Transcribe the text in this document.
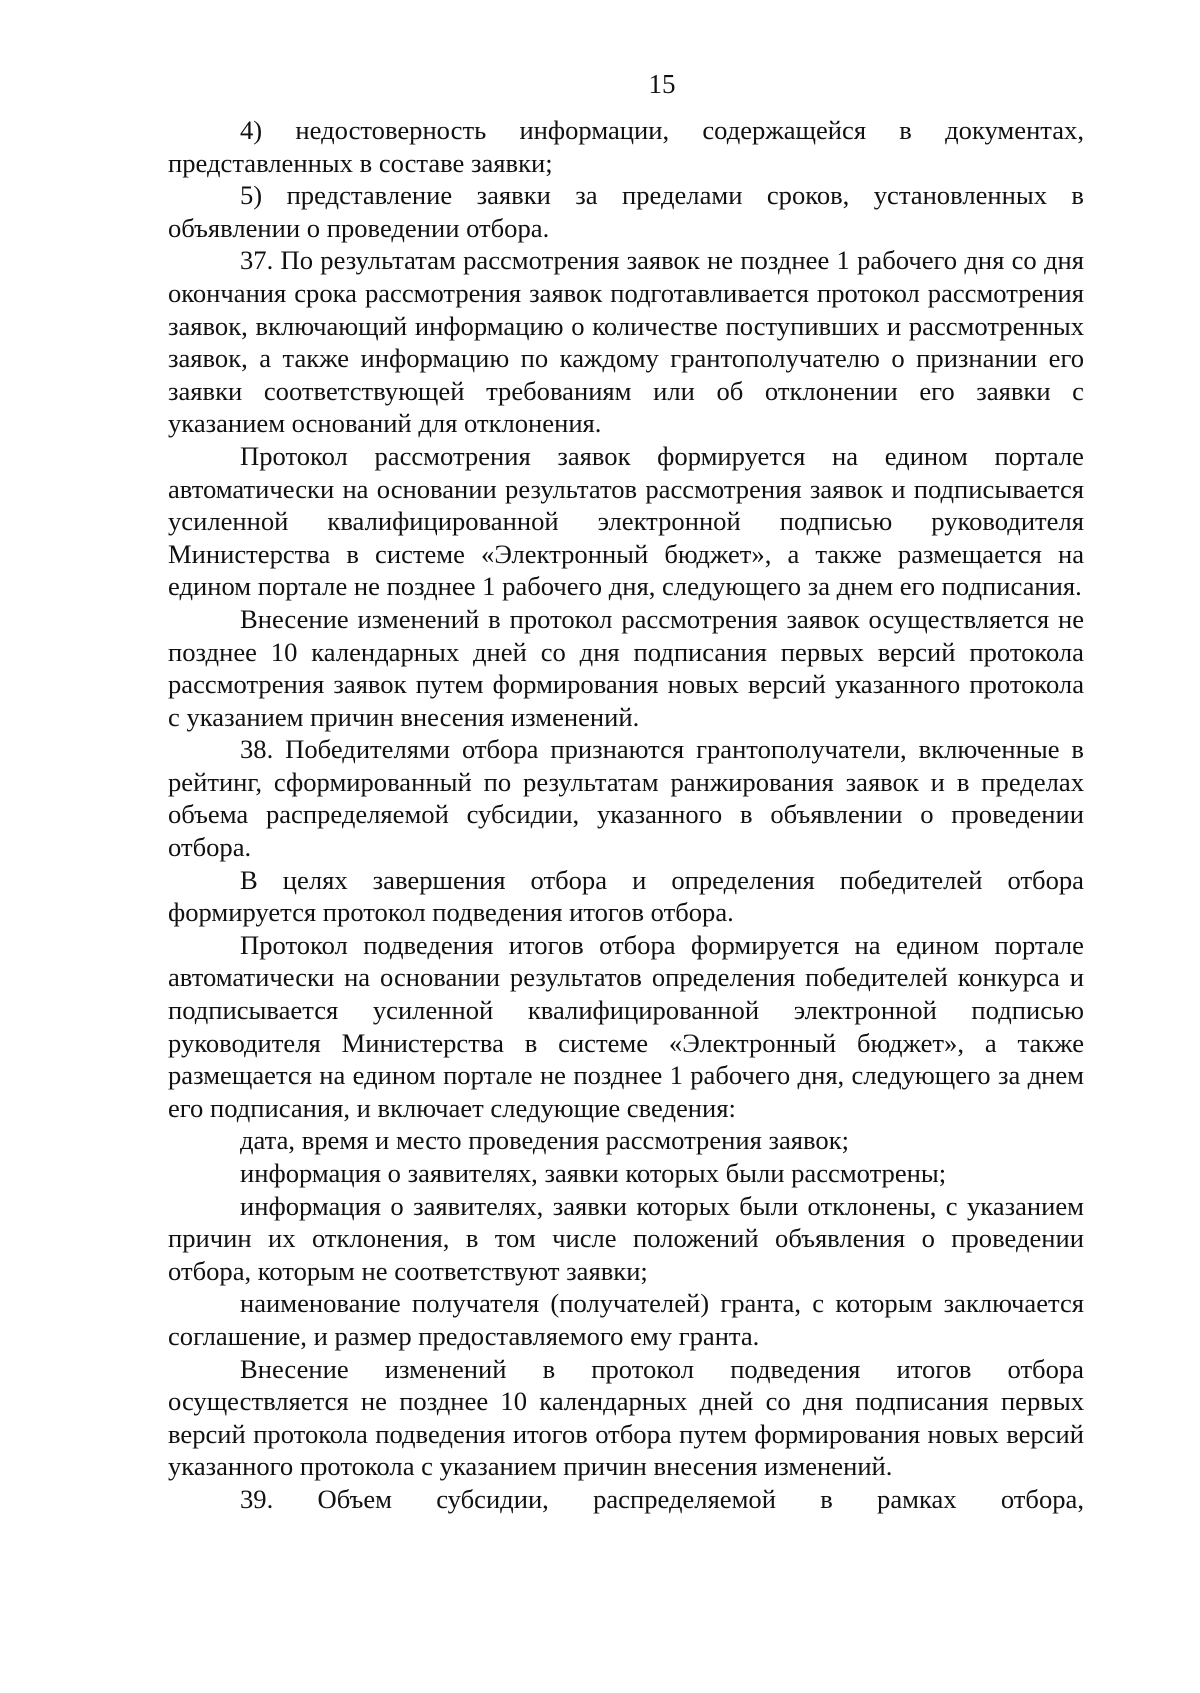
15

4) недостоверность информации, содержащейся в документах, представленных в составе заявки;

5) представление заявки за пределами сроков, установленных в объявлении о проведении отбора.

37. По результатам рассмотрения заявок не позднее 1 рабочего дня со дня окончания срока рассмотрения заявок подготавливается протокол рассмотрения заявок, включающий информацию о количестве поступивших и рассмотренных заявок, а также информацию по каждому грантополучателю о признании его заявки соответствующей требованиям или об отклонении его заявки с указанием оснований для отклонения.

Протокол рассмотрения заявок формируется на едином портале автоматически на основании результатов рассмотрения заявок и подписывается усиленной квалифицированной электронной подписью руководителя Министерства в системе «Электронный бюджет», а также размещается на едином портале не позднее 1 рабочего дня, следующего за днем его подписания.

Внесение изменений в протокол рассмотрения заявок осуществляется не позднее 10 календарных дней со дня подписания первых версий протокола рассмотрения заявок путем формирования новых версий указанного протокола с указанием причин внесения изменений.

38. Победителями отбора признаются грантополучатели, включенные в рейтинг, сформированный по результатам ранжирования заявок и в пределах объема распределяемой субсидии, указанного в объявлении о проведении отбора.

В целях завершения отбора и определения победителей отбора формируется протокол подведения итогов отбора.

Протокол подведения итогов отбора формируется на едином портале автоматически на основании результатов определения победителей конкурса и подписывается усиленной квалифицированной электронной подписью руководителя Министерства в системе «Электронный бюджет», а также размещается на едином портале не позднее 1 рабочего дня, следующего за днем его подписания, и включает следующие сведения:

дата, время и место проведения рассмотрения заявок;

информация о заявителях, заявки которых были рассмотрены;

информация о заявителях, заявки которых были отклонены, с указанием причин их отклонения, в том числе положений объявления о проведении отбора, которым не соответствуют заявки;

наименование получателя (получателей) гранта, с которым заключается соглашение, и размер предоставляемого ему гранта.

Внесение изменений в протокол подведения итогов отбора осуществляется не позднее 10 календарных дней со дня подписания первых версий протокола подведения итогов отбора путем формирования новых версий указанного протокола с указанием причин внесения изменений.

39. Объем субсидии, распределяемой в рамках отбора,
